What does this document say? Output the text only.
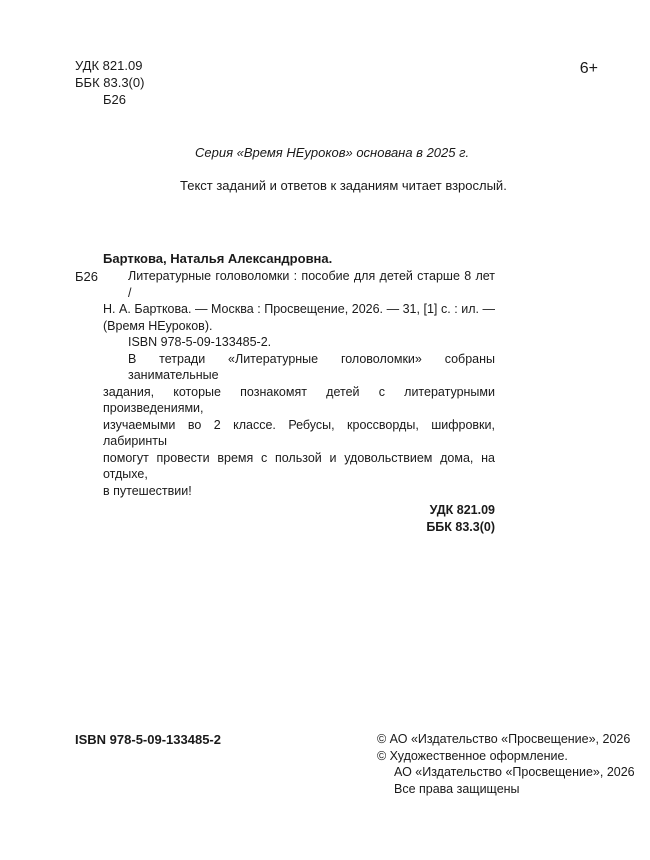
УДК 821.09
ББК 83.3(0)
Б26
6+
Серия «Время НЕуроков» основана в 2025 г.
Текст заданий и ответов к заданиям читает взрослый.
Б26
Барткова, Наталья Александровна.
Литературные головоломки : пособие для детей старше 8 лет /
Н. А. Барткова. — Москва : Просвещение, 2026. — 31, [1] с. : ил. —
(Время НЕуроков).
ISBN 978-5-09-133485-2.
В тетради «Литературные головоломки» собраны занимательные
задания, которые познакомят детей с литературными произведениями,
изучаемыми во 2 классе. Ребусы, кроссворды, шифровки, лабиринты
помогут провести время с пользой и удовольствием дома, на отдыхе,
в путешествии!
УДК 821.09
ББК 83.3(0)
ISBN 978-5-09-133485-2	© АО «Издательство «Просвещение», 2026
© Художественное оформление.
АО «Издательство «Просвещение», 2026
Все права защищены
